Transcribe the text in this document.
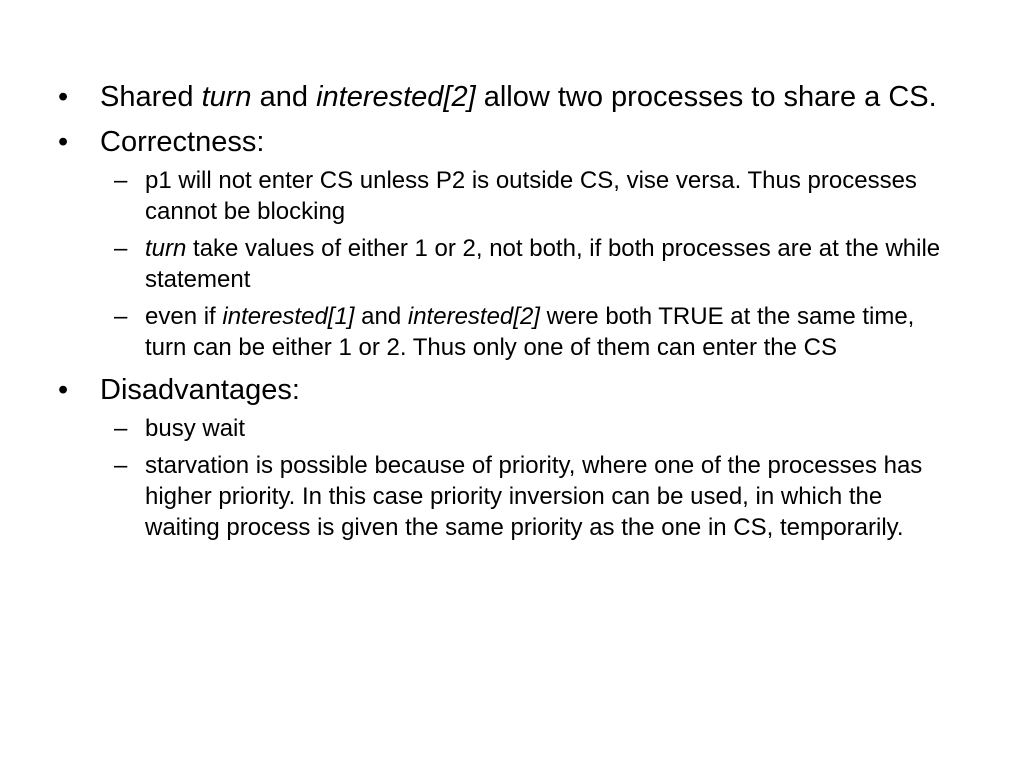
•	Shared turn and interested[2] allow two processes to share a CS.
•	Correctness:
– p1 will not enter CS unless P2 is outside CS, vise versa. Thus processes cannot be blocking
– turn take values of either 1 or 2, not both, if both processes are at the while statement
– even if interested[1] and interested[2] were both TRUE at the same time, turn can be either 1 or 2. Thus only one of them can enter the CS
•	Disadvantages:
– busy wait
– starvation is possible because of priority, where one of the processes has higher priority. In this case priority inversion can be used, in which the waiting process is given the same priority as the one in CS, temporarily.
